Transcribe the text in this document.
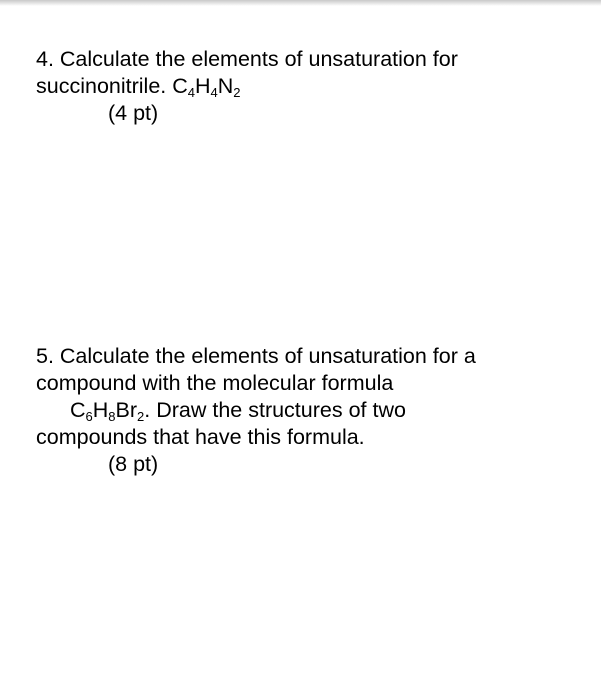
4. Calculate the elements of unsaturation for
succinonitrile. $C_4H_4N_2$
(4 pt)
5. Calculate the elements of unsaturation for a
compound with the molecular formula
$C_6H_8Br_2$. Draw the structures of two
compounds that have this formula.
(8 pt)
